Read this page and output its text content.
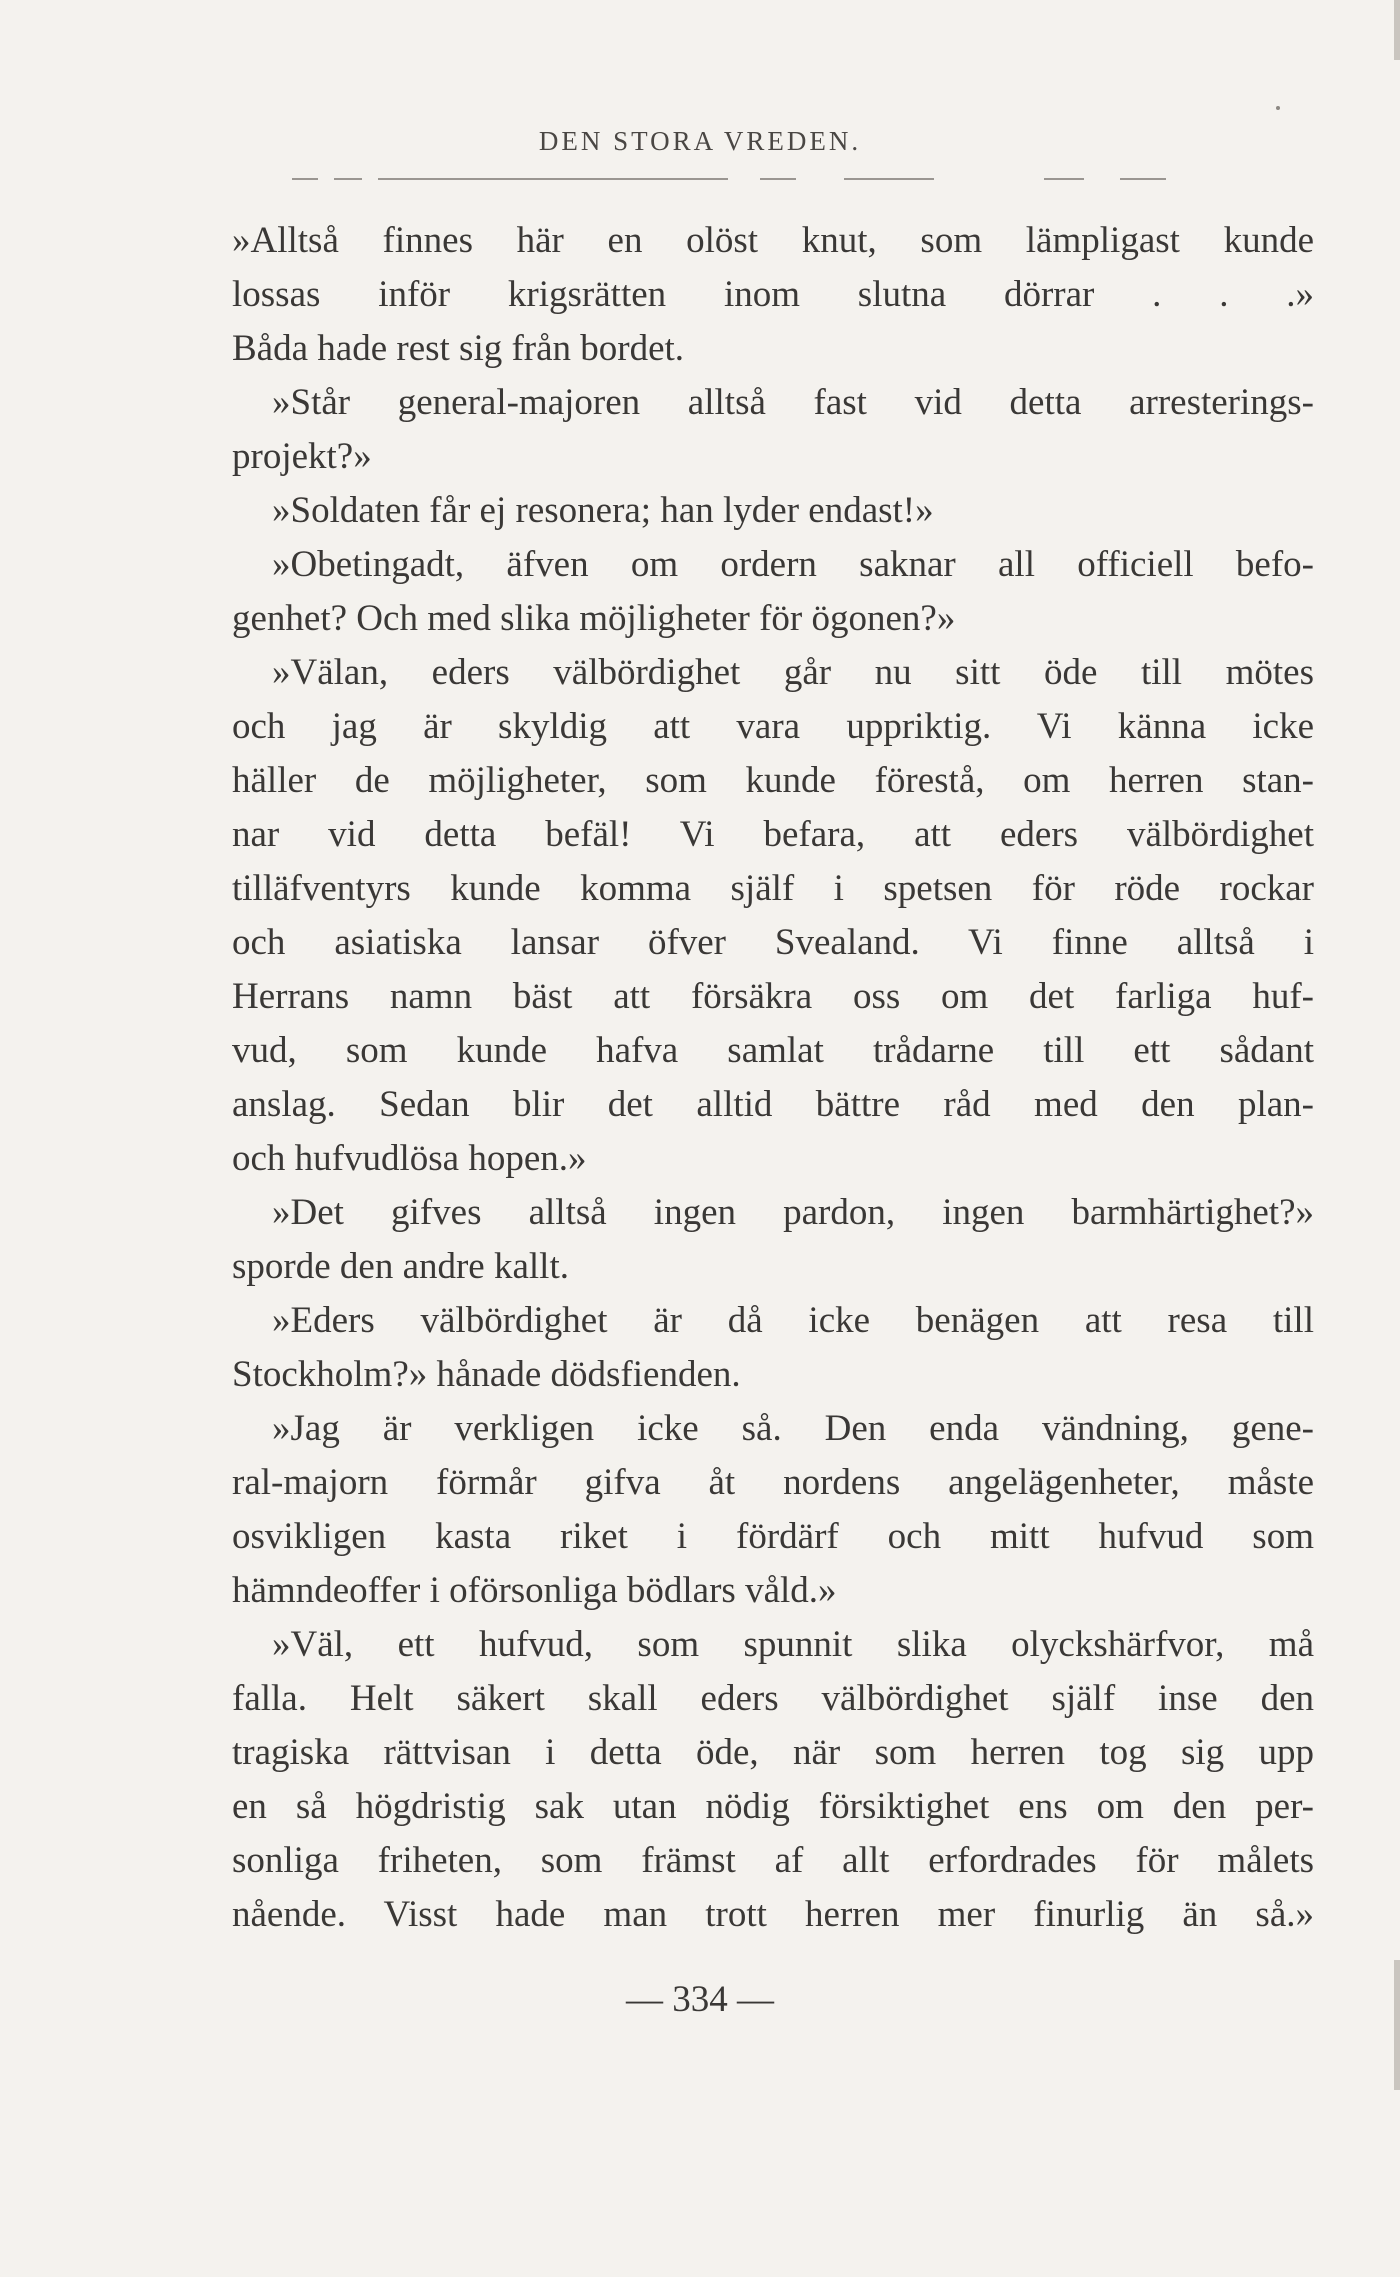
DEN STORA VREDEN.
»Alltså finnes här en olöst knut, som lämpligast kunde
lossas inför krigsrätten inom slutna dörrar . . .»
Båda hade rest sig från bordet.
»Står general-majoren alltså fast vid detta arresterings-
projekt?»
»Soldaten får ej resonera; han lyder endast!»
»Obetingadt, äfven om ordern saknar all officiell befo-
genhet? Och med slika möjligheter för ögonen?»
»Välan, eders välbördighet går nu sitt öde till mötes
och jag är skyldig att vara uppriktig. Vi känna icke
häller de möjligheter, som kunde förestå, om herren stan-
nar vid detta befäl! Vi befara, att eders välbördighet
tilläfventyrs kunde komma själf i spetsen för röde rockar
och asiatiska lansar öfver Svealand. Vi finne alltså i
Herrans namn bäst att försäkra oss om det farliga huf-
vud, som kunde hafva samlat trådarne till ett sådant
anslag. Sedan blir det alltid bättre råd med den plan-
och hufvudlösa hopen.»
»Det gifves alltså ingen pardon, ingen barmhärtighet?»
sporde den andre kallt.
»Eders välbördighet är då icke benägen att resa till
Stockholm?» hånade dödsfienden.
»Jag är verkligen icke så. Den enda vändning, gene-
ral-majorn förmår gifva åt nordens angelägenheter, måste
osvikligen kasta riket i fördärf och mitt hufvud som
hämndeoffer i oförsonliga bödlars våld.»
»Väl, ett hufvud, som spunnit slika olyckshärfvor, må
falla. Helt säkert skall eders välbördighet själf inse den
tragiska rättvisan i detta öde, när som herren tog sig upp
en så högdristig sak utan nödig försiktighet ens om den per-
sonliga friheten, som främst af allt erfordrades för målets
nående. Visst hade man trott herren mer finurlig än så.»
— 334 —
